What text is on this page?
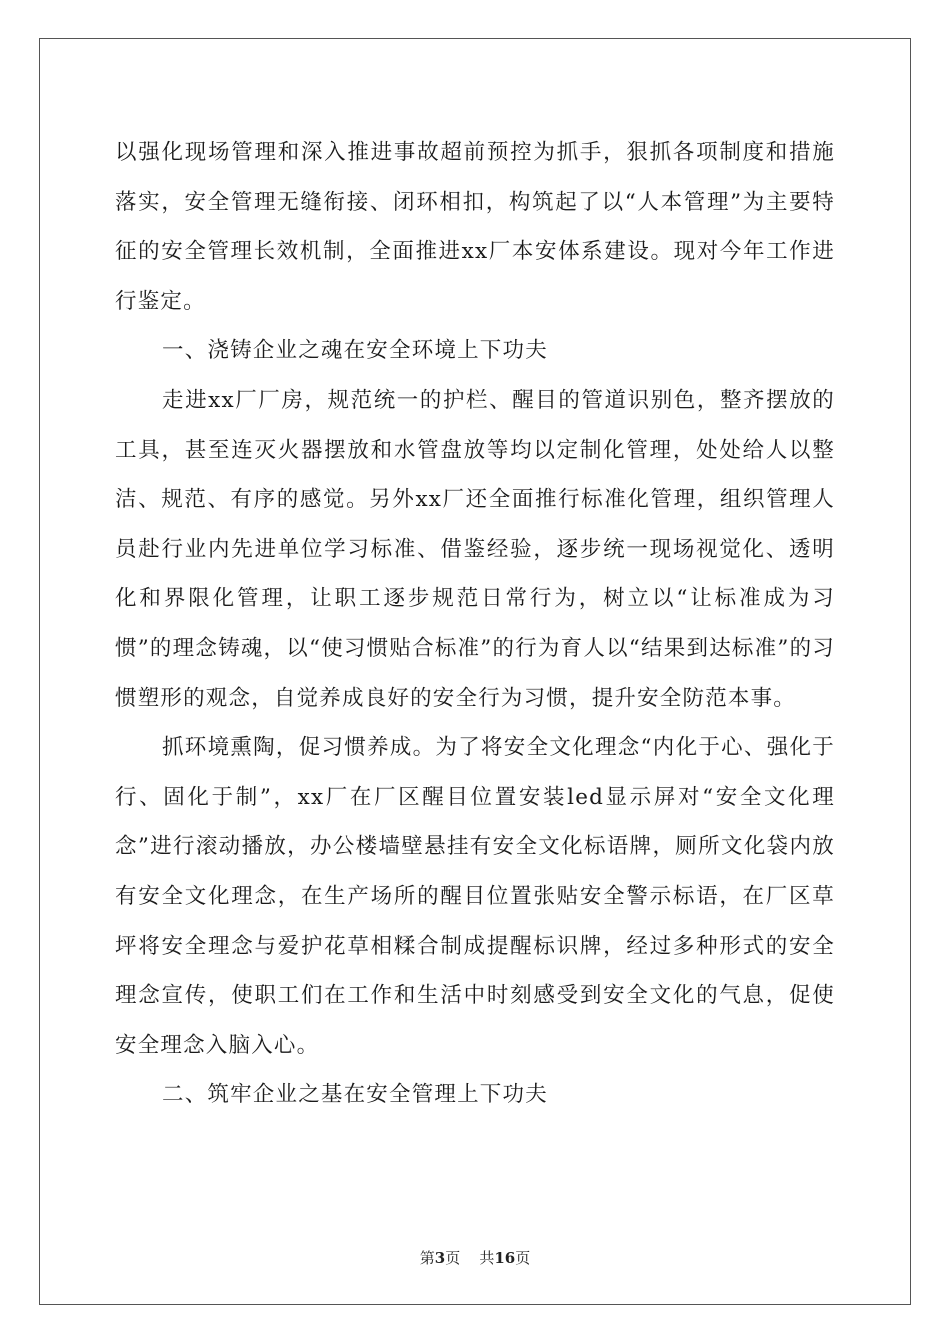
以强化现场管理和深入推进事故超前预控为抓手，狠抓各项制度和措施落实，安全管理无缝衔接、闭环相扣，构筑起了以“人本管理”为主要特征的安全管理长效机制，全面推进xx厂本安体系建设。现对今年工作进行鉴定。

一、浇铸企业之魂在安全环境上下功夫

走进xx厂厂房，规范统一的护栏、醒目的管道识别色，整齐摆放的工具，甚至连灭火器摆放和水管盘放等均以定制化管理，处处给人以整洁、规范、有序的感觉。另外xx厂还全面推行标准化管理，组织管理人员赴行业内先进单位学习标准、借鉴经验，逐步统一现场视觉化、透明化和界限化管理，让职工逐步规范日常行为，树立以“让标准成为习惯”的理念铸魂，以“使习惯贴合标准”的行为育人以“结果到达标准”的习惯塑形的观念，自觉养成良好的安全行为习惯，提升安全防范本事。

抓环境熏陶，促习惯养成。为了将安全文化理念“内化于心、强化于行、固化于制”，xx厂在厂区醒目位置安装led显示屏对“安全文化理念”进行滚动播放，办公楼墙壁悬挂有安全文化标语牌，厕所文化袋内放有安全文化理念，在生产场所的醒目位置张贴安全警示标语，在厂区草坪将安全理念与爱护花草相糅合制成提醒标识牌，经过多种形式的安全理念宣传，使职工们在工作和生活中时刻感受到安全文化的气息，促使安全理念入脑入心。

二、筑牢企业之基在安全管理上下功夫

第3页 共16页
